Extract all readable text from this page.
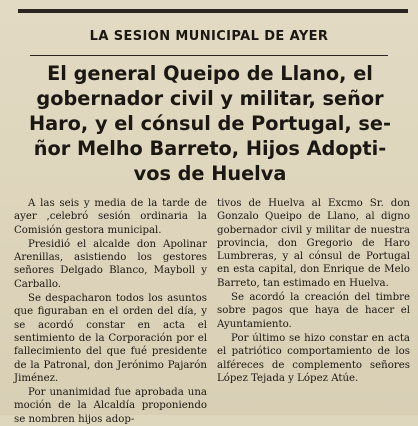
LA SESION MUNICIPAL DE AYER
El general Queipo de Llano, el
gobernador civil y militar, señor
Haro, y el cónsul de Portugal, se-
ñor Melho Barreto, Hijos Adopti-
vos de Huelva

A las seis y media de la tarde de ayer ,celebró sesión ordinaria la Comisión gestora municipal.

Presidió el alcalde don Apolinar Arenillas, asistiendo los gestores señores Delgado Blanco, Mayboll y Carballo.

Se despacharon todos los asuntos que figuraban en el orden del día, y se acordó constar en acta el sentimiento de la Corporación por el fallecimiento del que fué presidente de la Patronal, don Jerónimo Pajarón Jiménez.

Por unanimidad fue aprobada una moción de la Alcaldía proponiendo se nombren hijos adop-

tivos de Huelva al Excmo Sr. don Gonzalo Queipo de Llano, al digno gobernador civil y militar de nuestra provincia, don Gregorio de Haro Lumbreras, y al cónsul de Portugal en esta capital, don Enrique de Melo Barreto, tan estimado en Huelva.

Se acordó la creación del timbre sobre pagos que haya de hacer el Ayuntamiento.

Por último se hizo constar en acta el patriótico comportamiento de los alféreces de complemento señores López Tejada y López Atúe.
